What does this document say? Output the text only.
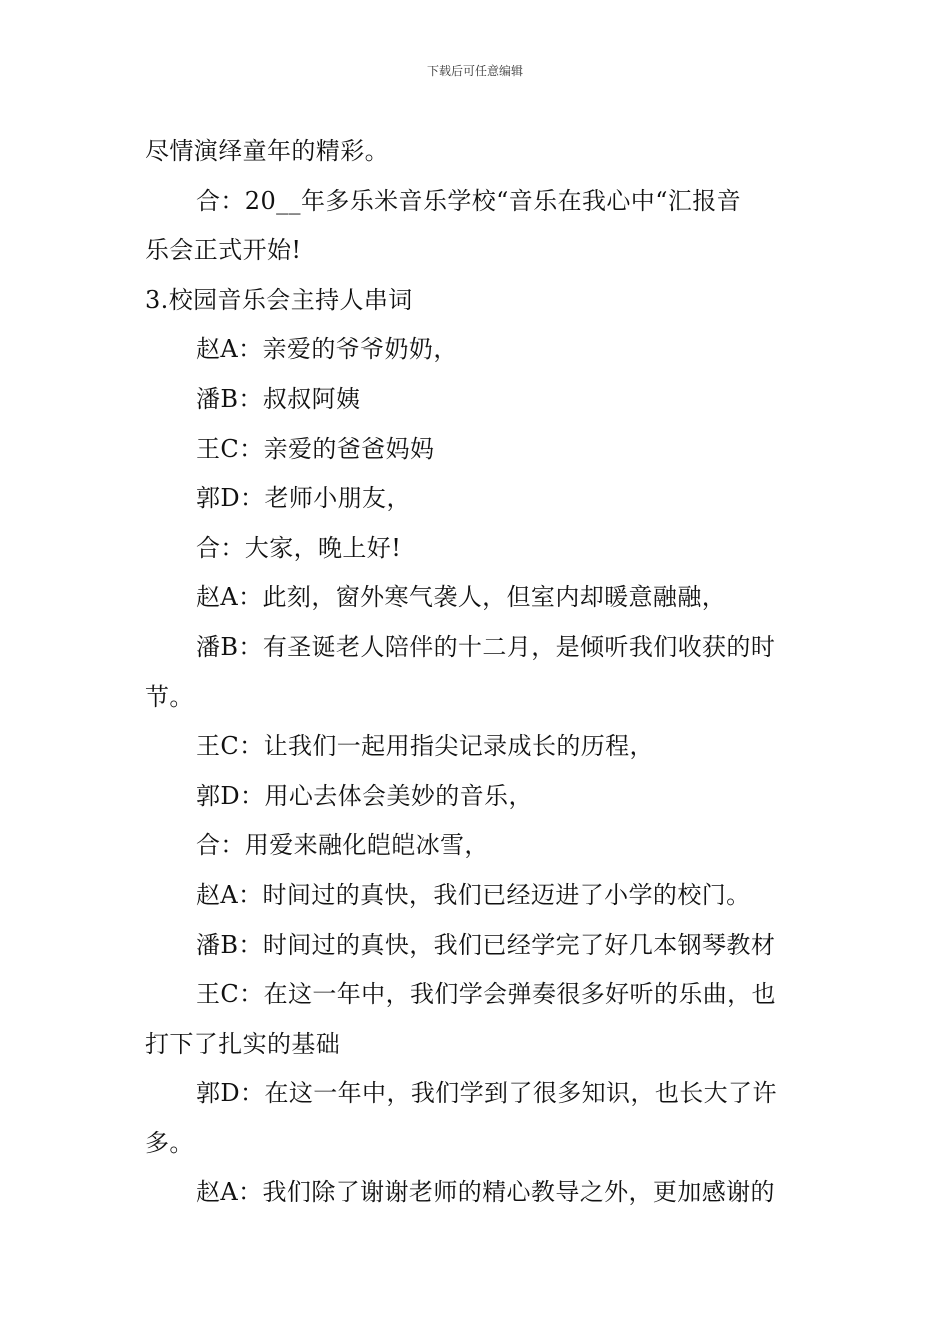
下载后可任意编辑
尽情演绎童年的精彩。
合：20__年多乐米音乐学校“音乐在我心中“汇报音
乐会正式开始!
3.校园音乐会主持人串词
赵A：亲爱的爷爷奶奶，
潘B：叔叔阿姨
王C：亲爱的爸爸妈妈
郭D：老师小朋友，
合：大家，晚上好!
赵A：此刻，窗外寒气袭人，但室内却暖意融融，
潘B：有圣诞老人陪伴的十二月，是倾听我们收获的时
节。
王C：让我们一起用指尖记录成长的历程，
郭D：用心去体会美妙的音乐，
合：用爱来融化皑皑冰雪，
赵A：时间过的真快，我们已经迈进了小学的校门。
潘B：时间过的真快，我们已经学完了好几本钢琴教材
王C：在这一年中，我们学会弹奏很多好听的乐曲，也
打下了扎实的基础
郭D：在这一年中，我们学到了很多知识，也长大了许
多。
赵A：我们除了谢谢老师的精心教导之外，更加感谢的
